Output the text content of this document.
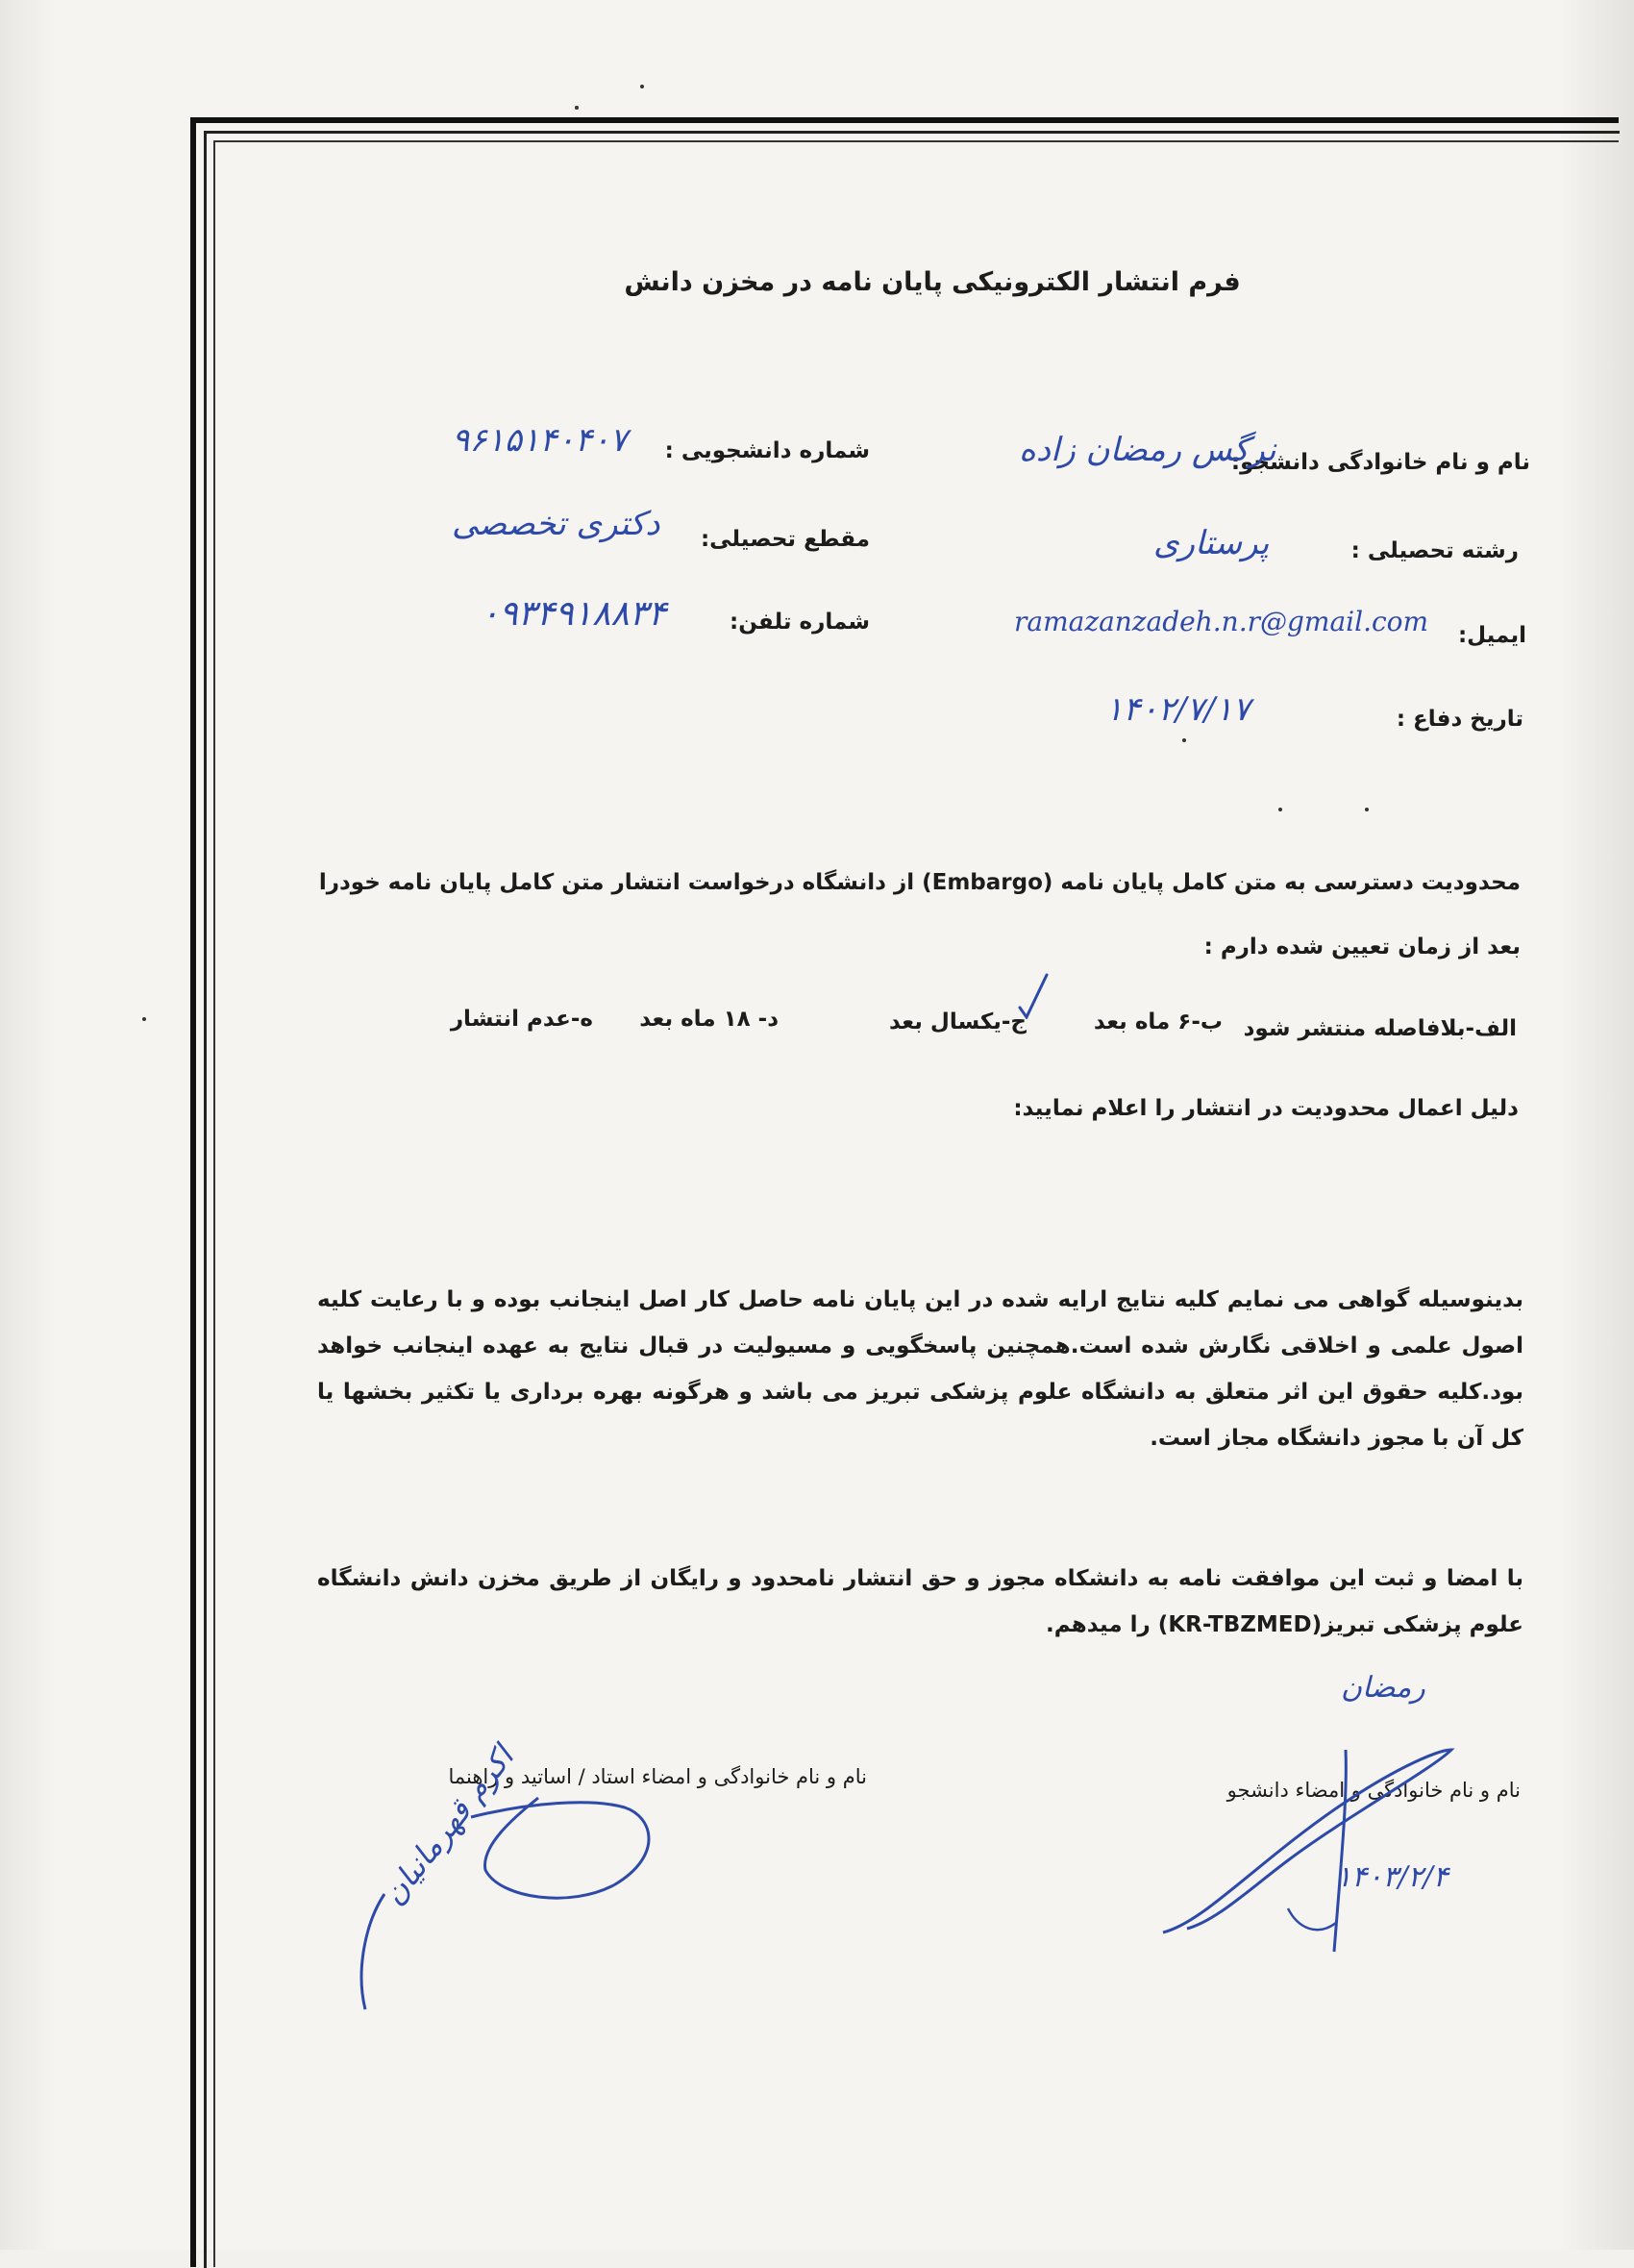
فرم انتشار الکترونیکی پایان نامه در مخزن دانش
نام و نام خانوادگی دانشجو:
نرگس رمضان زاده
شماره دانشجویی :
۹۶۱۵۱۴۰۴۰۷
رشته تحصیلی :
پرستاری
مقطع تحصیلی:
دکتری تخصصی
ایمیل:
ramazanzadeh.n.r@gmail.com
شماره تلفن:
۰۹۳۴۹۱۸۸۳۴
تاریخ دفاع :
۱۴۰۲/۷/۱۷
محدودیت دسترسی به متن کامل پایان نامه (Embargo) از دانشگاه درخواست انتشار متن کامل پایان نامه خودرا
بعد از زمان تعیین شده دارم :
الف-بلافاصله منتشر شود
ب-۶ ماه بعد
ج-یکسال بعد
د- ۱۸ ماه بعد
ه-عدم انتشار
دلیل اعمال محدودیت در انتشار را اعلام نمایید:
بدینوسیله گواهی می نمایم کلیه نتایج ارایه شده در این پایان نامه حاصل کار اصل اینجانب بوده و با رعایت کلیه اصول علمی و اخلاقی نگارش شده است.همچنین پاسخگویی و مسیولیت در قبال نتایج به عهده اینجانب خواهد بود.کلیه حقوق این اثر متعلق به دانشگاه علوم پزشکی تبریز می باشد و هرگونه بهره برداری یا تکثیر بخشها یا کل آن با مجوز دانشگاه مجاز است.
با امضا و ثبت این موافقت نامه به دانشکاه مجوز و حق انتشار نامحدود و رایگان از طریق مخزن دانش دانشگاه علوم پزشکی تبریز(KR-TBZMED) را میدهم.
نام و نام خانوادگی و امضاء دانشجو
نام و نام خانوادگی و امضاء استاد / اساتید و راهنما
رمضان
۱۴۰۳/۲/۴
اکرم قهرمانیان
